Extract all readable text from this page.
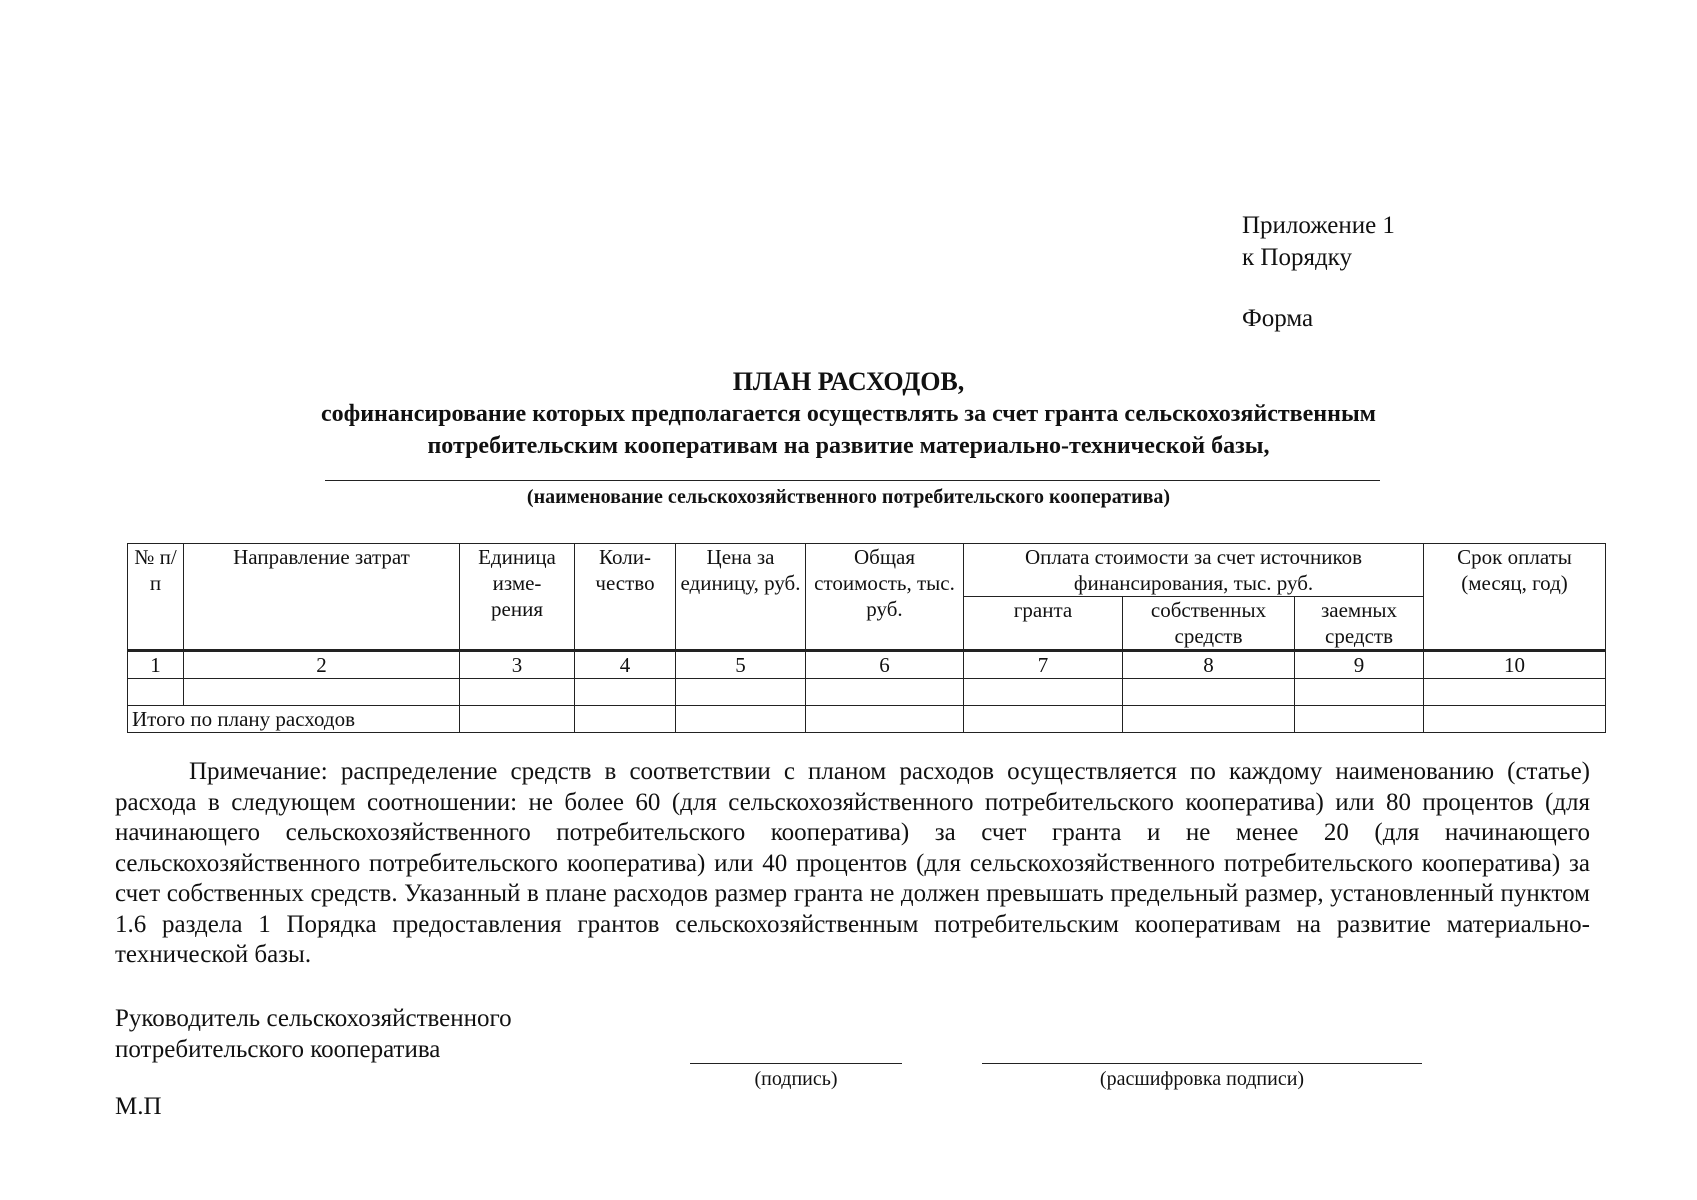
Приложение 1
к Порядку
Форма
ПЛАН РАСХОДОВ,
софинансирование которых предполагается осуществлять за счет гранта сельскохозяйственным
потребительским кооперативам на развитие материально-технической базы,
(наименование сельскохозяйственного потребительского кооператива)
№ п/п	Направление затрат	Единица изме- рения	Коли- чество	Цена за единицу, руб.	Общая стоимость, тыс. руб.	Оплата стоимости за счет источников финансирования, тыс. руб.			Срок оплаты (месяц, год)
						гранта	собственных средств	заемных средств	
1	2	3	4	5	6	7	8	9	10

Итого по плану расходов									
Примечание: распределение средств в соответствии с планом расходов осуществляется по каждому наименованию (статье) расхода в следующем соотношении: не более 60 (для сельскохозяйственного потребительского кооператива) или 80 процентов (для начинающего сельскохозяйственного потребительского кооператива) за счет гранта и не менее 20 (для начинающего сельскохозяйственного потребительского кооператива) или 40 процентов (для сельскохозяйственного потребительского кооператива) за счет собственных средств. Указанный в плане расходов размер гранта не должен превышать предельный размер, установленный пунктом 1.6 раздела 1 Порядка предоставления грантов сельскохозяйственным потребительским кооперативам на развитие материально-технической базы.
Руководитель сельскохозяйственного
потребительского кооператива
(подпись)	(расшифровка подписи)
М.П
